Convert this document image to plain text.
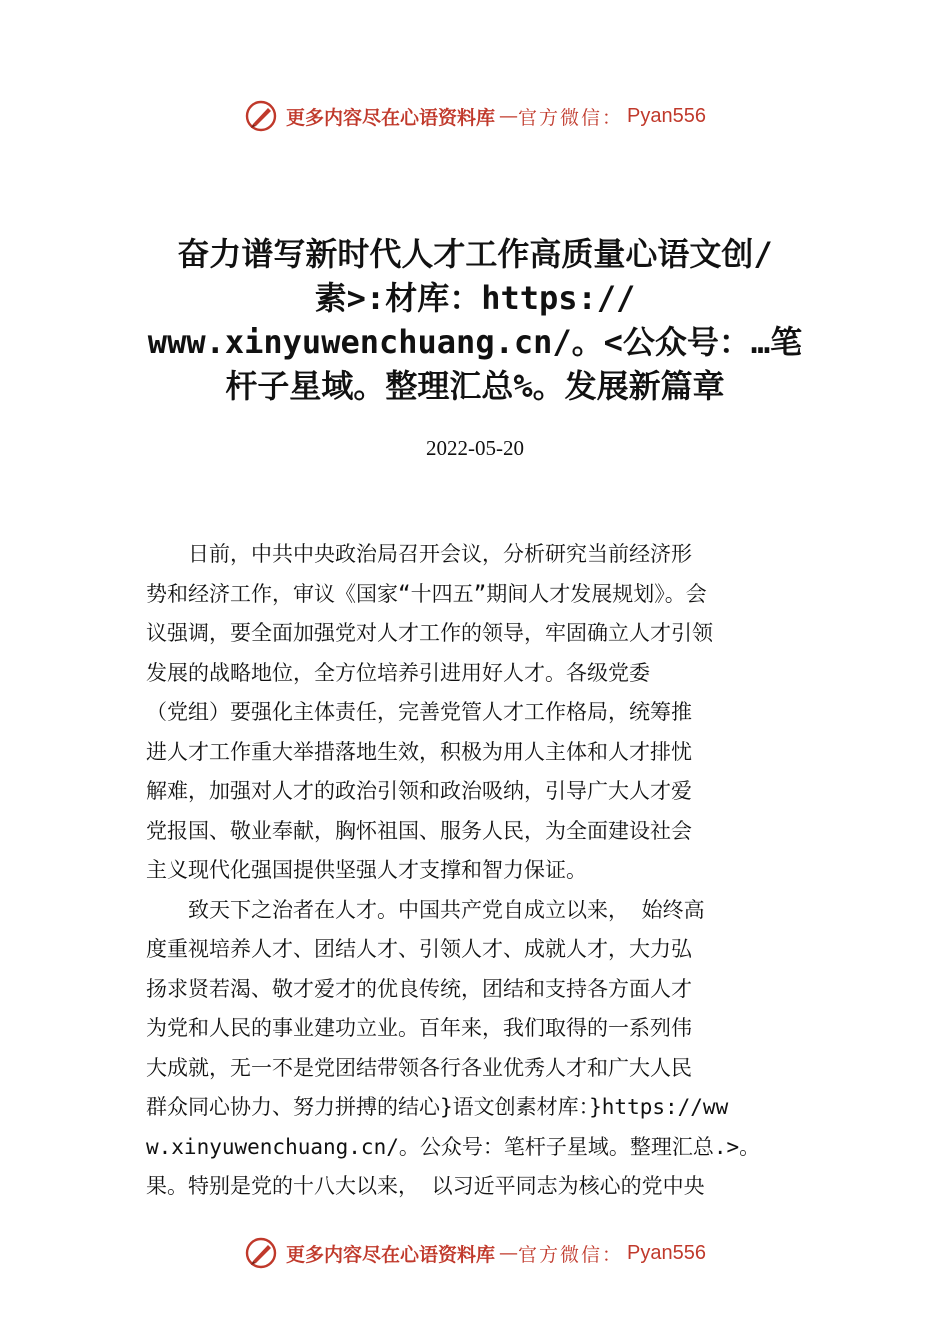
更多内容尽在心语资料库 — 官方微信： Pyan556
奋力谱写新时代人才工作高质量心语文创/
素>:材库：https://
www.xinyuwenchuang.cn/。<公众号：…笔
杆子星域。整理汇总%。发展新篇章
2022-05-20
　　日前，中共中央政治局召开会议，分析研究当前经济形
势和经济工作，审议《国家“十四五”期间人才发展规划》。会
议强调，要全面加强党对人才工作的领导，牢固确立人才引领
发展的战略地位，全方位培养引进用好人才。各级党委
（党组）要强化主体责任，完善党管人才工作格局，统筹推
进人才工作重大举措落地生效，积极为用人主体和人才排忧
解难，加强对人才的政治引领和政治吸纳，引导广大人才爱
党报国、敬业奉献，胸怀祖国、服务人民，为全面建设社会
主义现代化强国提供坚强人才支撑和智力保证。
　　致天下之治者在人才。中国共产党自成立以来， 始终高
度重视培养人才、团结人才、引领人才、成就人才，大力弘
扬求贤若渴、敬才爱才的优良传统，团结和支持各方面人才
为党和人民的事业建功立业。百年来，我们取得的一系列伟
大成就，无一不是党团结带领各行各业优秀人才和广大人民
群众同心协力、努力拼搏的结心}语文创素材库：}https://ww
w.xinyuwenchuang.cn/。公众号：笔杆子星域。整理汇总.>。
果。特别是党的十八大以来， 以习近平同志为核心的党中央
更多内容尽在心语资料库 — 官方微信： Pyan556
